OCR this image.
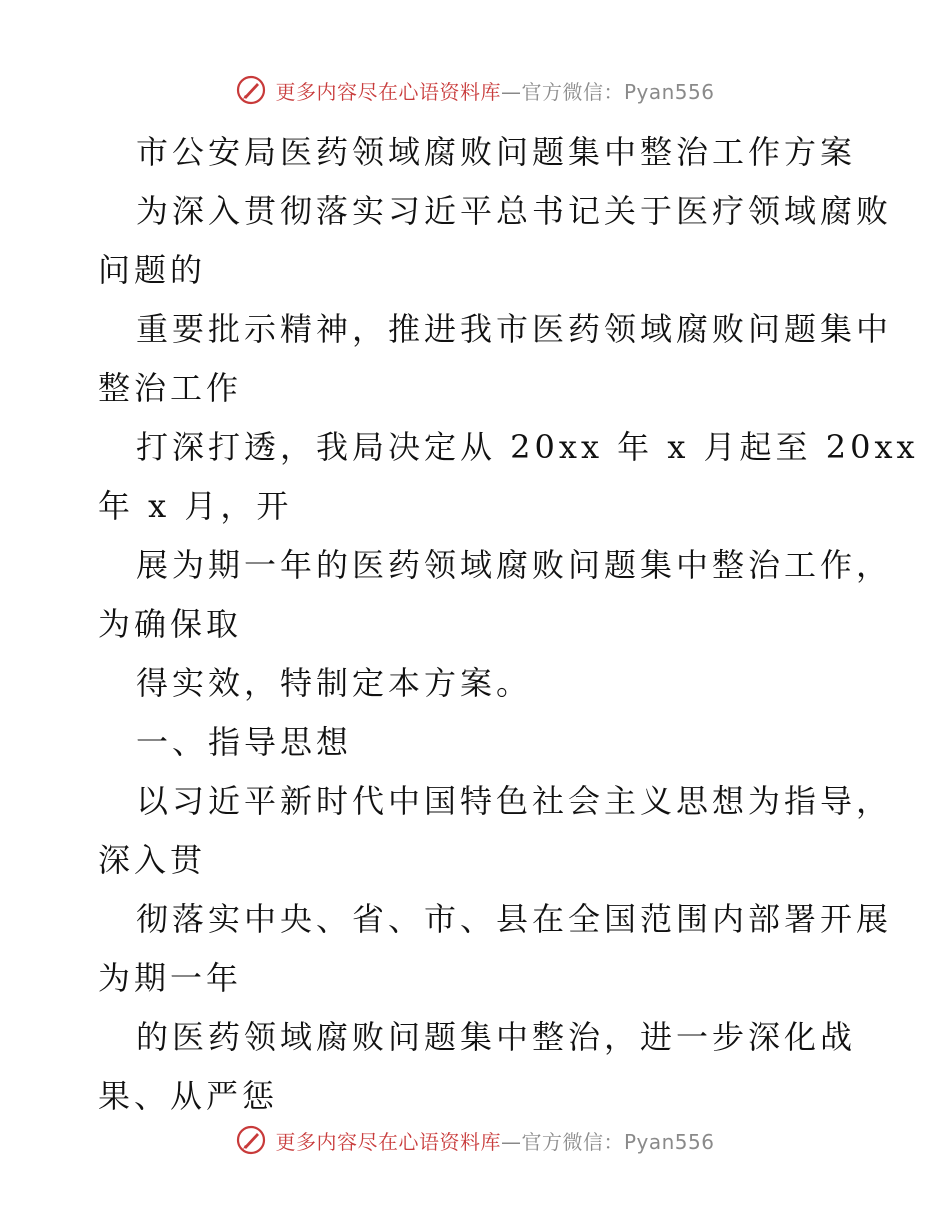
更多内容尽在心语资料库—官方微信：Pyan556
市公安局医药领域腐败问题集中整治工作方案
为深入贯彻落实习近平总书记关于医疗领域腐败
问题的
重要批示精神，推进我市医药领域腐败问题集中
整治工作
打深打透，我局决定从 20xx 年 x 月起至 20xx
年 x 月，开
展为期一年的医药领域腐败问题集中整治工作，
为确保取
得实效，特制定本方案。
一、指导思想
以习近平新时代中国特色社会主义思想为指导，
深入贯
彻落实中央、省、市、县在全国范围内部署开展
为期一年
的医药领域腐败问题集中整治，进一步深化战
果、从严惩
更多内容尽在心语资料库—官方微信：Pyan556
